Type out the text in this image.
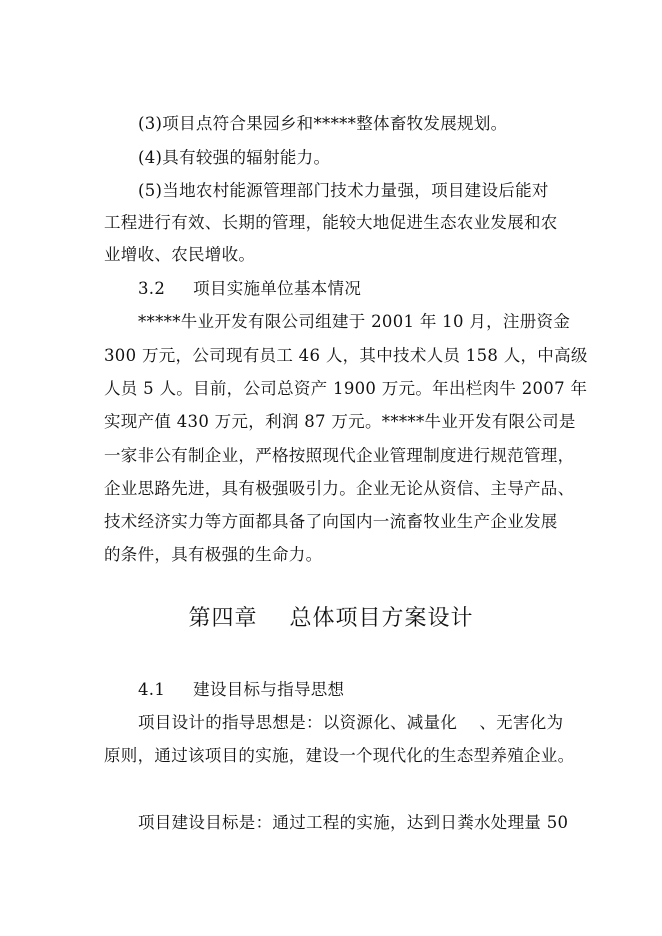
(3)项目点符合果园乡和*****整体畜牧发展规划。
(4)具有较强的辐射能力。
(5)当地农村能源管理部门技术力量强，项目建设后能对
工程进行有效、长期的管理，能较大地促进生态农业发展和农
业增收、农民增收。
3.2 项目实施单位基本情况
*****牛业开发有限公司组建于 2001 年 10 月，注册资金
300 万元，公司现有员工 46 人，其中技术人员 158 人，中高级
人员 5 人。目前，公司总资产 1900 万元。年出栏肉牛 2007 年
实现产值 430 万元，利润 87 万元。*****牛业开发有限公司是
一家非公有制企业，严格按照现代企业管理制度进行规范管理，
企业思路先进，具有极强吸引力。企业无论从资信、主导产品、
技术经济实力等方面都具备了向国内一流畜牧业生产企业发展
的条件，具有极强的生命力。
第四章    总体项目方案设计
4.1 建设目标与指导思想
项目设计的指导思想是：以资源化、减量化    、无害化为
原则，通过该项目的实施，建设一个现代化的生态型养殖企业。
项目建设目标是：通过工程的实施，达到日粪水处理量 50
